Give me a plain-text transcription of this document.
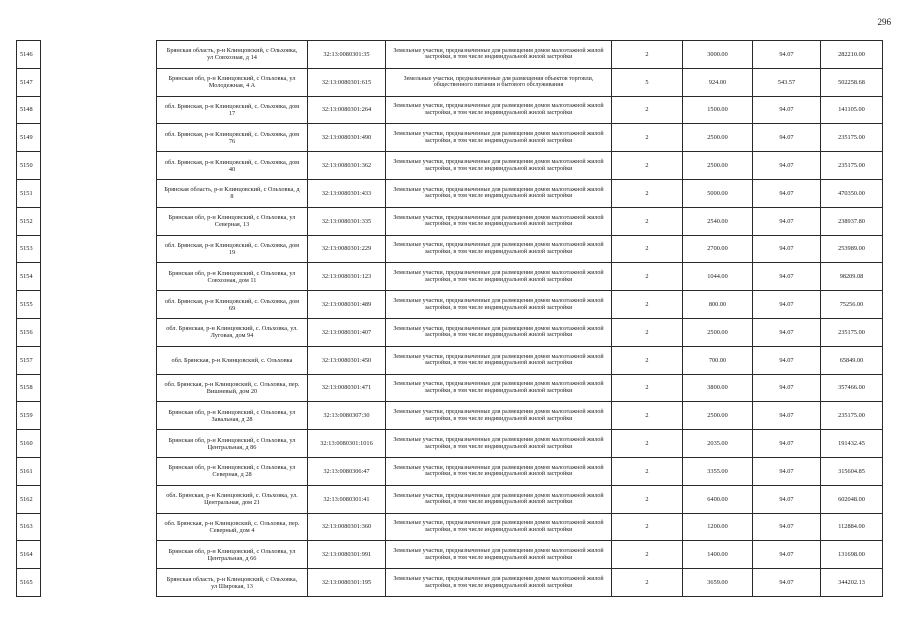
296
5146		Брянская область, р-н Клинцовский, с Ольховка, ул Совхозная, д 14	32:13:0080301:35	Земельные участки, предназначенные для размещения домов малоэтажной жилой застройки, в том числе индивидуальной жилой застройки	2	3000.00	94.07	282210.00
5147		Брянская обл, р-н Клинцовский, с Ольховка, ул Молодежная, 4 А	32:13:0080301:615	Земельные участки, предназначенные для размещения объектов торговли, общественного питания и бытового обслуживания	5	924.00	543.57	502258.68
5148		обл. Брянская, р-н Клинцовский, с. Ольховка, дом 17	32:13:0080301:264	Земельные участки, предназначенные для размещения домов малоэтажной жилой застройки, в том числе индивидуальной жилой застройки	2	1500.00	94.07	141105.00
5149		обл. Брянская, р-н Клинцовский, с. Ольховка, дом 76	32:13:0080301:490	Земельные участки, предназначенные для размещения домов малоэтажной жилой застройки, в том числе индивидуальной жилой застройки	2	2500.00	94.07	235175.00
5150		обл. Брянская, р-н Клинцовский, с. Ольховка, дом 40	32:13:0080301:362	Земельные участки, предназначенные для размещения домов малоэтажной жилой застройки, в том числе индивидуальной жилой застройки	2	2500.00	94.07	235175.00
5151		Брянская область, р-н Клинцовский, с Ольховка, д 8	32:13:0080301:433	Земельные участки, предназначенные для размещения домов малоэтажной жилой застройки, в том числе индивидуальной жилой застройки	2	5000.00	94.07	470350.00
5152		Брянская обл, р-н Клинцовский, с Ольховка, ул Северная, 13	32:13:0080301:335	Земельные участки, предназначенные для размещения домов малоэтажной жилой застройки, в том числе индивидуальной жилой застройки	2	2540.00	94.07	238937.80
5153		обл. Брянская, р-н Клинцовский, с. Ольховка, дом 19	32:13:0080301:229	Земельные участки, предназначенные для размещения домов малоэтажной жилой застройки, в том числе индивидуальной жилой застройки	2	2700.00	94.07	253989.00
5154		Брянская обл, р-н Клинцовский, с Ольховка, ул Совхозная, дом 11	32:13:0080301:123	Земельные участки, предназначенные для размещения домов малоэтажной жилой застройки, в том числе индивидуальной жилой застройки	2	1044.00	94.07	98209.08
5155		обл. Брянская, р-н Клинцовский, с. Ольховка, дом 69	32:13:0080301:489	Земельные участки, предназначенные для размещения домов малоэтажной жилой застройки, в том числе индивидуальной жилой застройки	2	800.00	94.07	75256.00
5156		обл. Брянская, р-н Клинцовский, с. Ольховка, ул. Луговая, дом 94	32:13:0080301:407	Земельные участки, предназначенные для размещения домов малоэтажной жилой застройки, в том числе индивидуальной жилой застройки	2	2500.00	94.07	235175.00
5157		обл. Брянская, р-н Клинцовский, с. Ольховка	32:13:0080301:450	Земельные участки, предназначенные для размещения домов малоэтажной жилой застройки, в том числе индивидуальной жилой застройки	2	700.00	94.07	65849.00
5158		обл. Брянская, р-н Клинцовский, с. Ольховка, пер. Вишневый, дом 20	32:13:0080301:471	Земельные участки, предназначенные для размещения домов малоэтажной жилой застройки, в том числе индивидуальной жилой застройки	2	3800.00	94.07	357466.00
5159		Брянская обл, р-н Клинцовский, с Ольховка, ул Завальная, д 28	32:13:0080307:30	Земельные участки, предназначенные для размещения домов малоэтажной жилой застройки, в том числе индивидуальной жилой застройки	2	2500.00	94.07	235175.00
5160		Брянская обл, р-н Клинцовский, с Ольховка, ул Центральная, д 86	32:13:0080301:1016	Земельные участки, предназначенные для размещения домов малоэтажной жилой застройки, в том числе индивидуальной жилой застройки	2	2035.00	94.07	191432.45
5161		Брянская обл, р-н Клинцовский, с Ольховка, ул Северная, д 28	32:13:0080306:47	Земельные участки, предназначенные для размещения домов малоэтажной жилой застройки, в том числе индивидуальной жилой застройки	2	3355.00	94.07	315604.85
5162		обл. Брянская, р-н Клинцовский, с. Ольховка, ул. Центральная, дом 21	32:13:0080301:41	Земельные участки, предназначенные для размещения домов малоэтажной жилой застройки, в том числе индивидуальной жилой застройки	2	6400.00	94.07	602048.00
5163		обл. Брянская, р-н Клинцовский, с. Ольховка, пер. Северный, дом 4	32:13:0080301:360	Земельные участки, предназначенные для размещения домов малоэтажной жилой застройки, в том числе индивидуальной жилой застройки	2	1200.00	94.07	112884.00
5164		Брянская обл, р-н Клинцовский, с Ольховка, ул Центральная, д 66	32:13:0080301:991	Земельные участки, предназначенные для размещения домов малоэтажной жилой застройки, в том числе индивидуальной жилой застройки	2	1400.00	94.07	131698.00
5165		Брянская область, р-н Клинцовский, с Ольховка, ул Широкая, 13	32:13:0080301:195	Земельные участки, предназначенные для размещения домов малоэтажной жилой застройки, в том числе индивидуальной жилой застройки	2	3659.00	94.07	344202.13
